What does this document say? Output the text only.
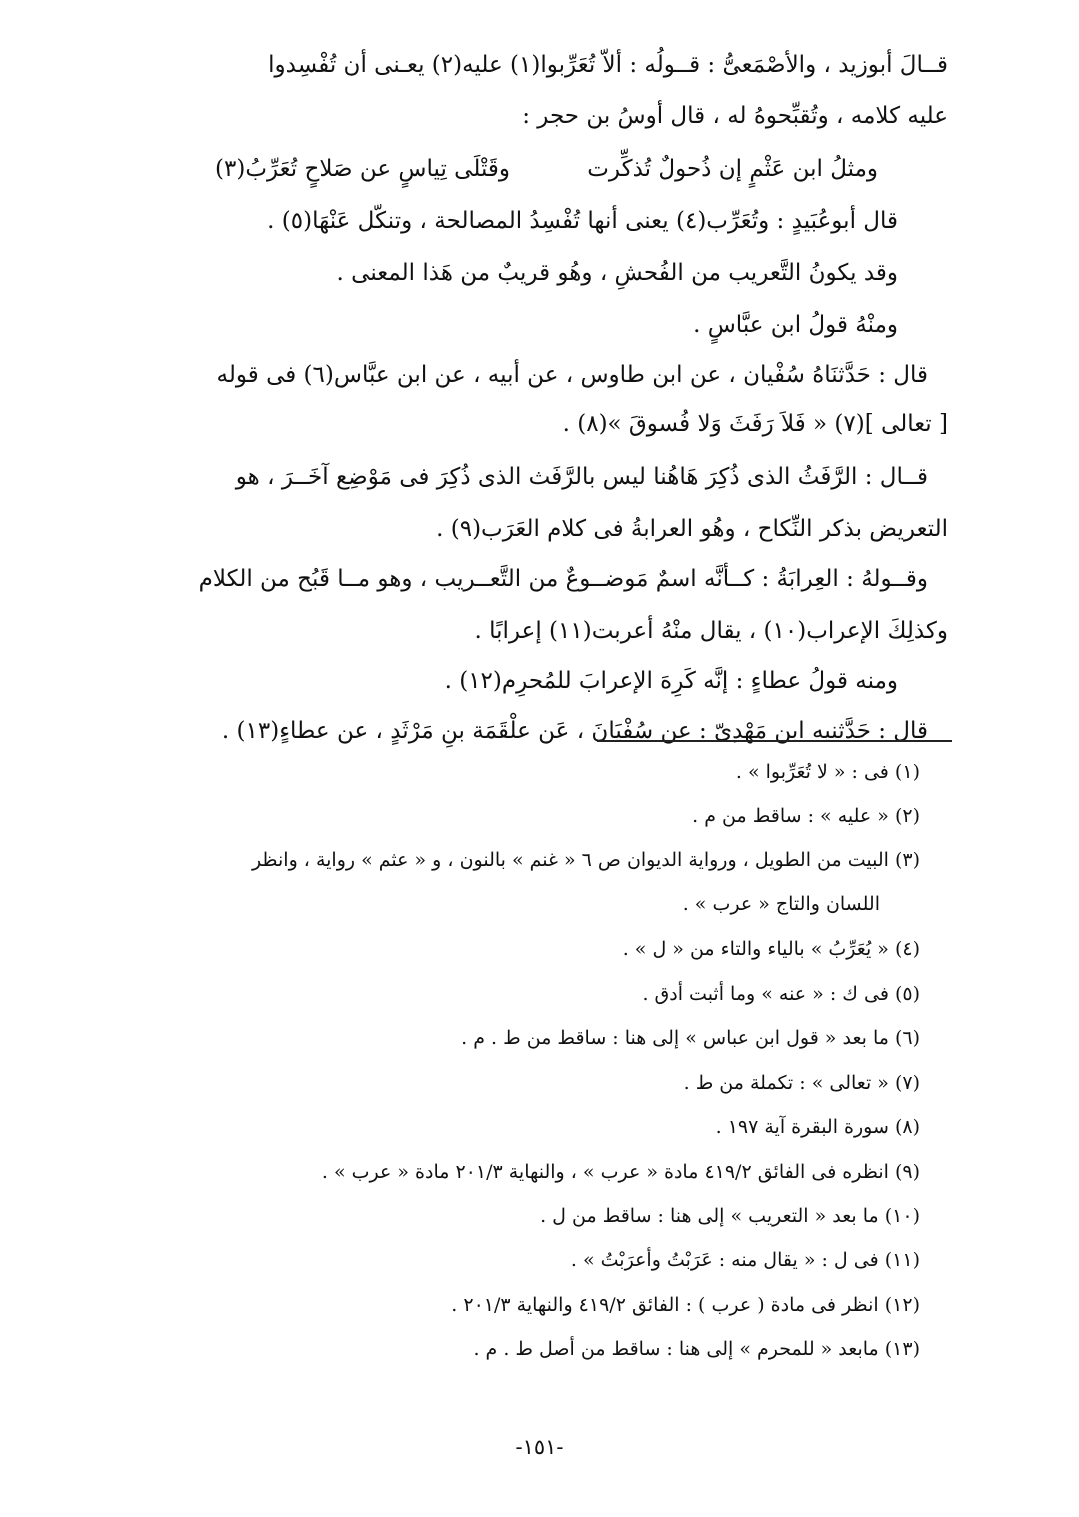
قــالَ أبوزيد ، والأصْمَعىُّ : قــولُه : ألاّ تُعَرِّبوا(١) عليه(٢) يعـنى أن تُفْسِدوا
عليه كلامه ، وتُقبِّحوهُ له ، قال أوسُ بن حجر :
ومثلُ ابن عَثْمٍ إن ذُحولٌ تُذكِّرت
وقَتْلَى تِياسٍ عن صَلاحٍ تُعَرِّبُ(٣)
قال أبوعُبَيدٍ : وتُعَرِّب(٤) يعنى أنها تُفْسِدُ المصالحة ، وتنكّل عَنْهَا(٥) .
وقد يكونُ التَّعريب من الفُحشِ ، وهُو قريبٌ من هَذا المعنى .
ومنْهُ قولُ ابن عبَّاسٍ .
قال : حَدَّثنَاهُ سُفْيان ، عن ابن طاوس ، عن أبيه ، عن ابن عبَّاس(٦) فى قوله
[ تعالى ](٧) « فَلاَ رَفَثَ وَلا فُسوقَ »(٨) .
قــال : الرَّفَثُ الذى ذُكِرَ هَاهُنا ليس بالرَّفَث الذى ذُكِرَ فى مَوْضِع آخَــرَ ، هو
التعريض بذكر النِّكاح ، وهُو العرابةُ فى كلام العَرَب(٩) .
وقــولهُ : العِرابَةُ : كــأنَّه اسمٌ مَوضــوعٌ من التَّعــريب ، وهو مــا قَبُح من الكلام
وكذلِكَ الإعراب(١٠) ، يقال منْهُ أعربت(١١) إعرابًا .
ومنه قولُ عطاءٍ : إنَّه كَرِهَ الإعرابَ للمُحرِم(١٢) .
قال : حَدَّثنيه ابن مَهْدِىّ : عن سُفْيَانَ ، عَن علْقَمَة بنِ مَرْثَدٍ ، عن عطاءٍ(١٣) .
(١) فى : « لا تُعَرِّبوا » .
(٢) « عليه » : ساقط من م .
(٣) البيت من الطويل ، ورواية الديوان ص ٦ « غنم » بالنون ، و « عثم » رواية ، وانظر
اللسان والتاج « عرب » .
(٤) « يُعَرِّبُ » بالياء والتاء من « ل » .
(٥) فى ك : « عنه » وما أثبت أدق .
(٦) ما بعد « قول ابن عباس » إلى هنا : ساقط من ط . م .
(٧) « تعالى » : تكملة من ط .
(٨) سورة البقرة آية ١٩٧ .
(٩) انظره فى الفائق ٤١٩/٢ مادة « عرب » ، والنهاية ٢٠١/٣ مادة « عرب » .
(١٠) ما بعد « التعريب » إلى هنا : ساقط من ل .
(١١) فى ل : « يقال منه : عَرَبْتُ وأعرَبْتُ » .
(١٢) انظر فى مادة ( عرب ) : الفائق ٤١٩/٢ والنهاية ٢٠١/٣ .
(١٣) مابعد « للمحرم » إلى هنا : ساقط من أصل ط . م .
-١٥١-
